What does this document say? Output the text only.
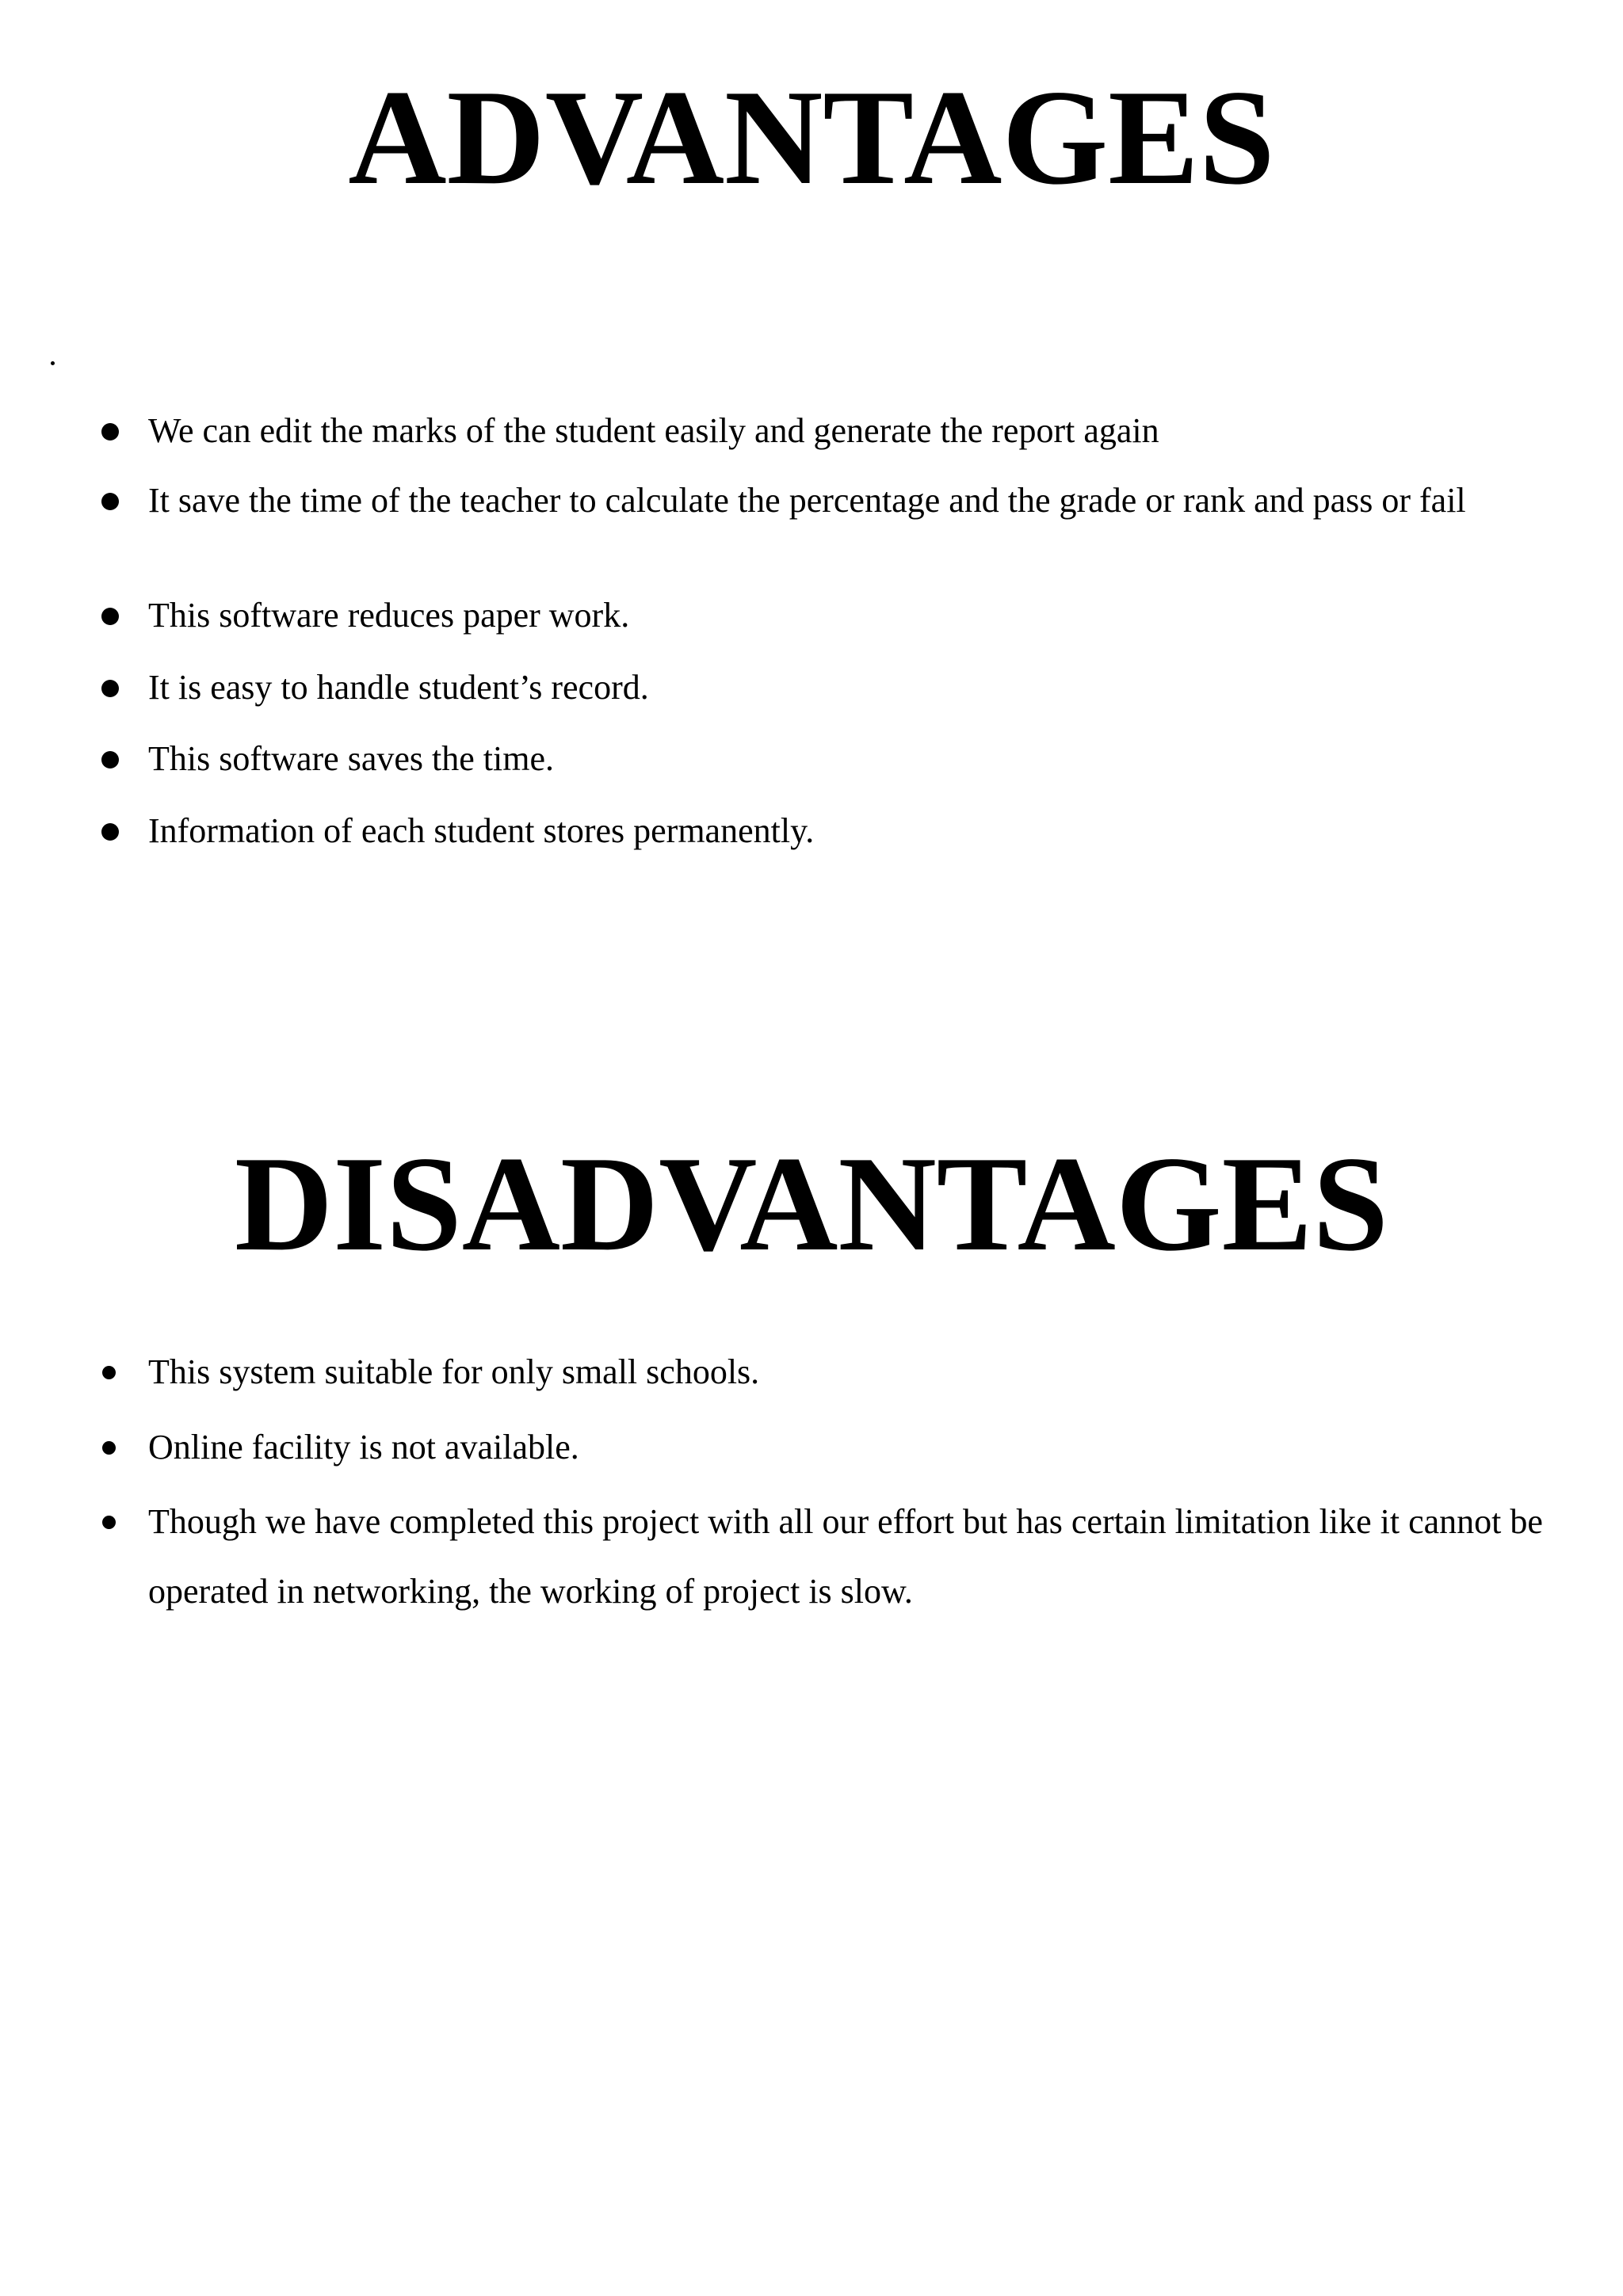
ADVANTAGES
We can edit the marks of the student easily and generate the report again
It save the time of the teacher to calculate the percentage and the grade or rank and pass or fail
This software reduces paper work.
It is easy to handle student’s record.
This software saves the time.
Information of each student stores permanently.
DISADVANTAGES
This system suitable for only small schools.
Online facility is not available.
Though we have completed this project with all our effort but has certain limitation like it cannot be operated in networking, the working of project is slow.
